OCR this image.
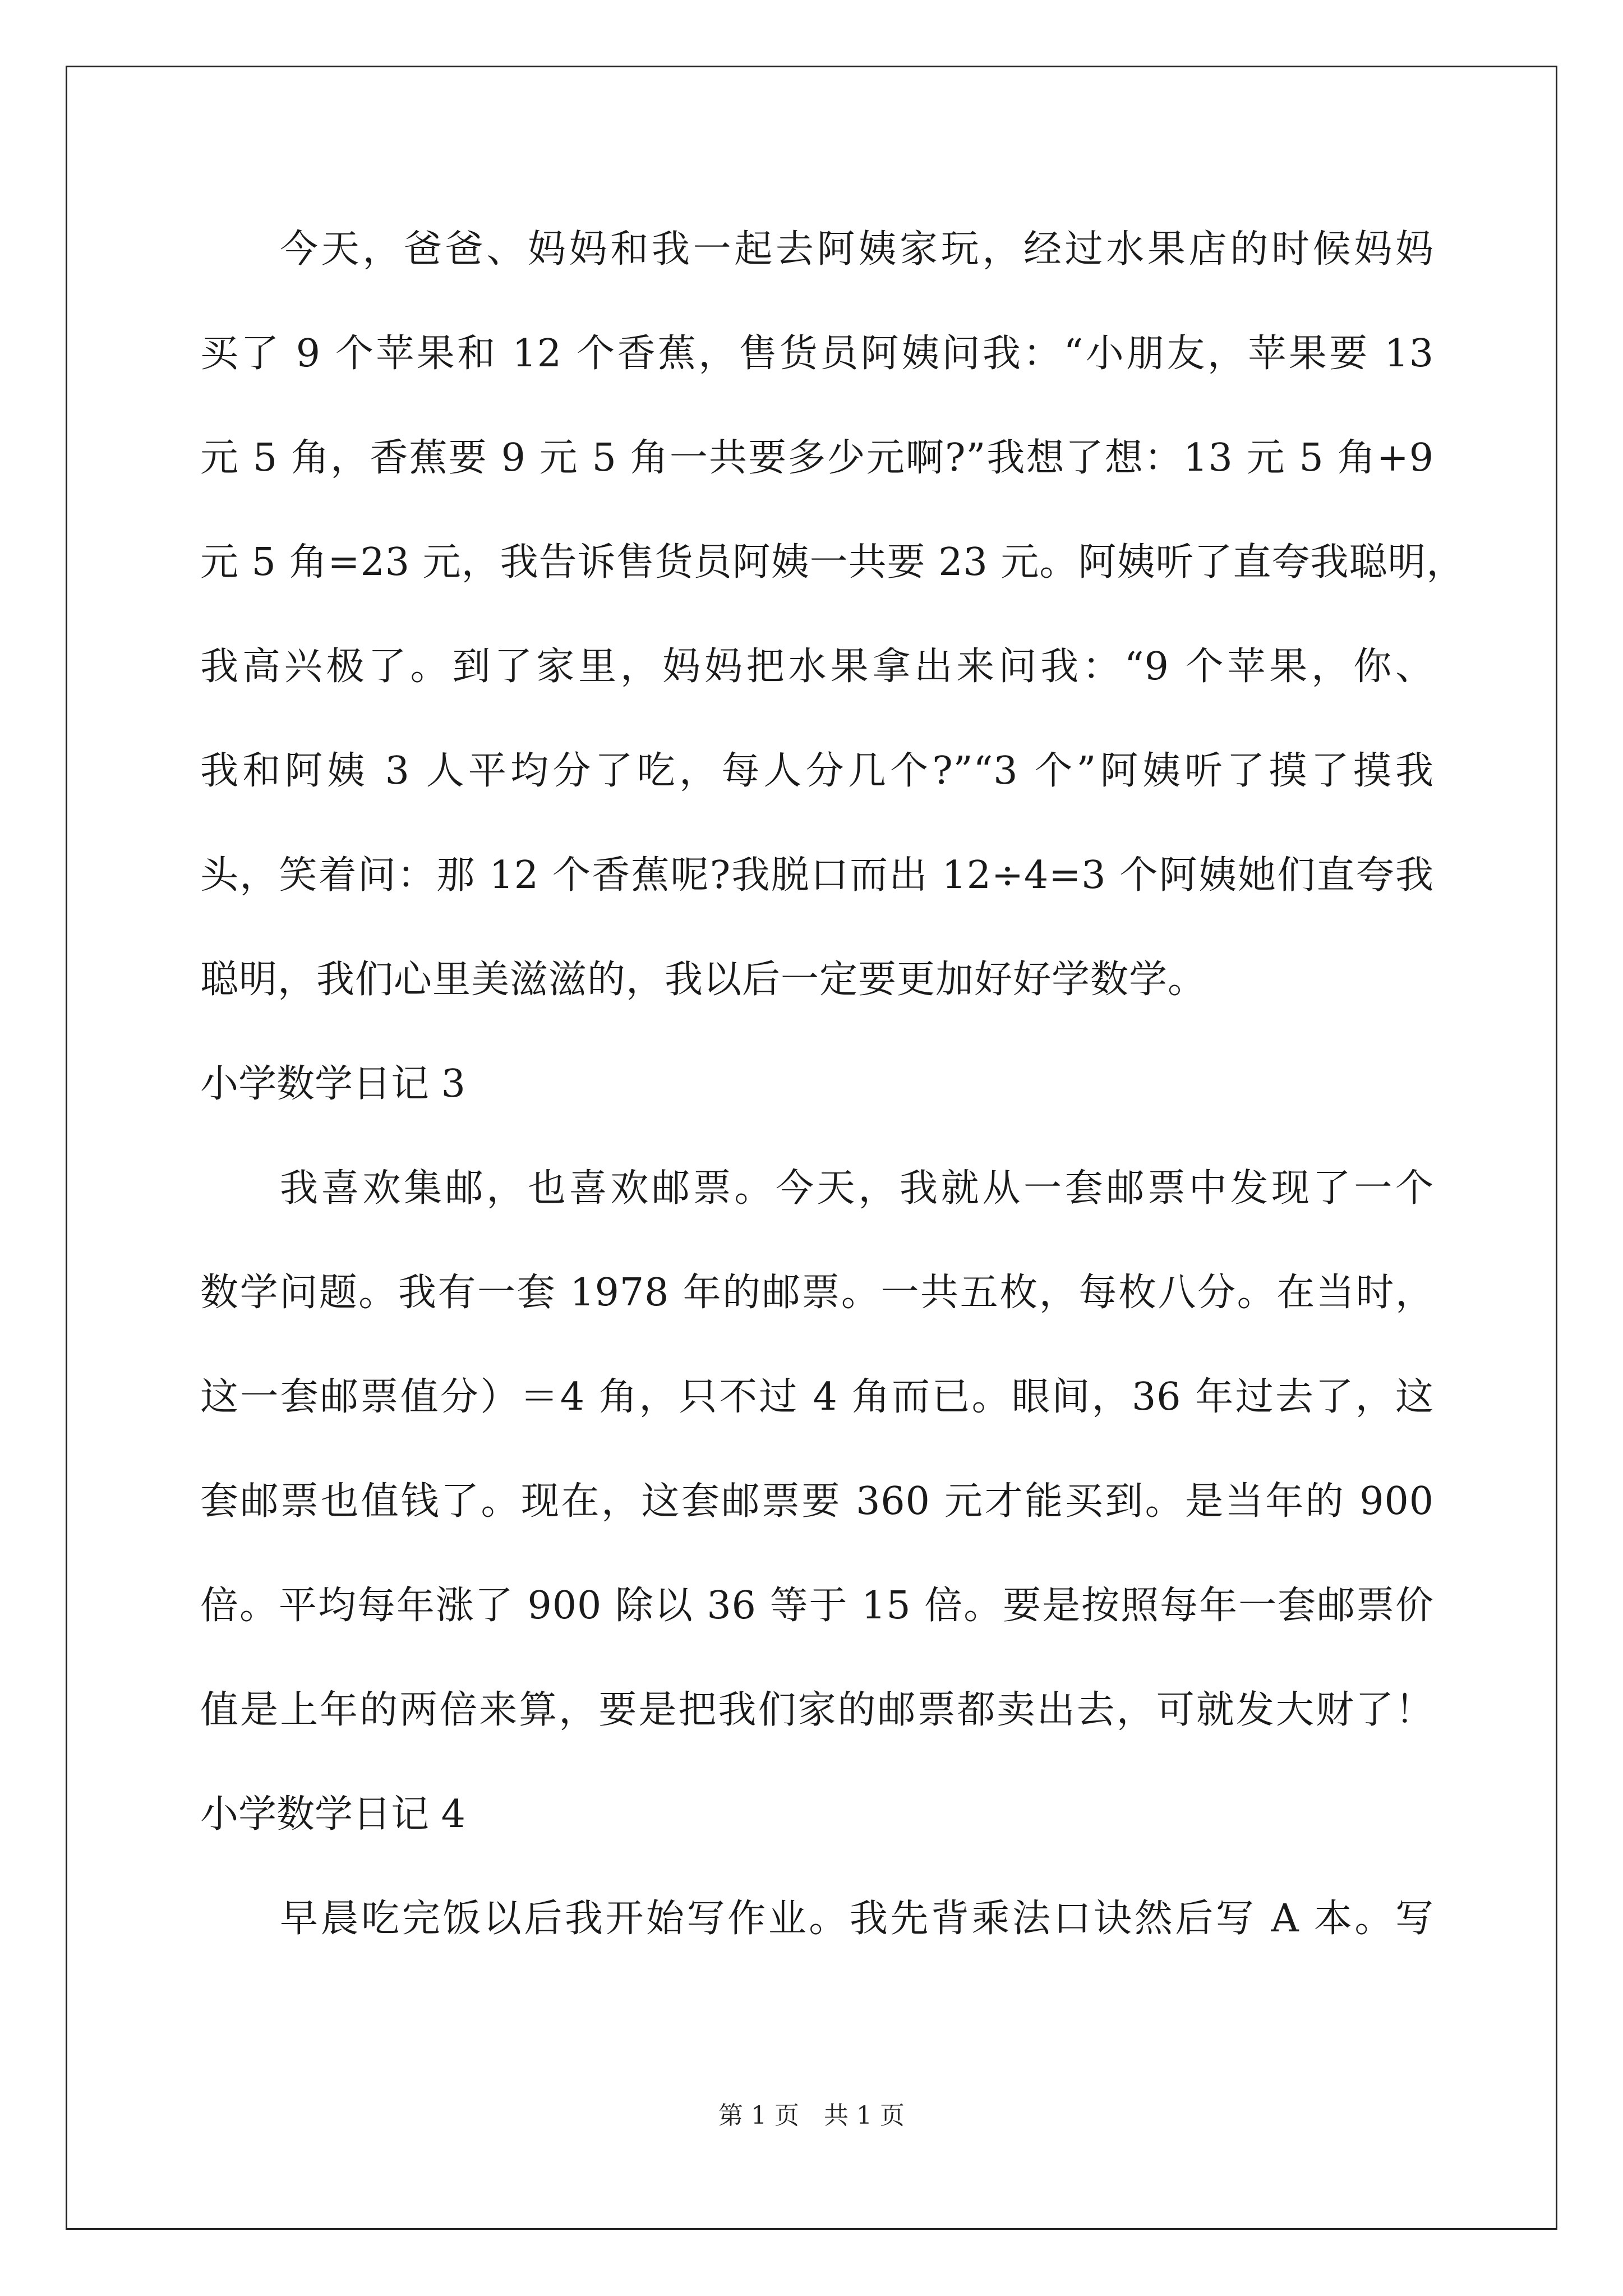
今天，爸爸、妈妈和我一起去阿姨家玩，经过水果店的时候妈妈
买了 9 个苹果和 12 个香蕉，售货员阿姨问我：“小朋友，苹果要 13
元 5 角，香蕉要 9 元 5 角一共要多少元啊?”我想了想：13 元 5 角+9
元 5 角=23 元，我告诉售货员阿姨一共要 23 元。阿姨听了直夸我聪明，
我高兴极了。到了家里，妈妈把水果拿出来问我：“9 个苹果，你、
我和阿姨 3 人平均分了吃，每人分几个?”“3 个”阿姨听了摸了摸我
头，笑着问：那 12 个香蕉呢?我脱口而出 12÷4=3 个阿姨她们直夸我
聪明，我们心里美滋滋的，我以后一定要更加好好学数学。
小学数学日记 3
我喜欢集邮，也喜欢邮票。今天，我就从一套邮票中发现了一个
数学问题。我有一套 1978 年的邮票。一共五枚，每枚八分。在当时，
这一套邮票值分）＝4 角，只不过 4 角而已。眼间，36 年过去了，这
套邮票也值钱了。现在，这套邮票要 360 元才能买到。是当年的 900
倍。平均每年涨了 900 除以 36 等于 15 倍。要是按照每年一套邮票价
值是上年的两倍来算，要是把我们家的邮票都卖出去，可就发大财了！
小学数学日记 4
早晨吃完饭以后我开始写作业。我先背乘法口诀然后写 A 本。写
第 1 页 共 1 页
